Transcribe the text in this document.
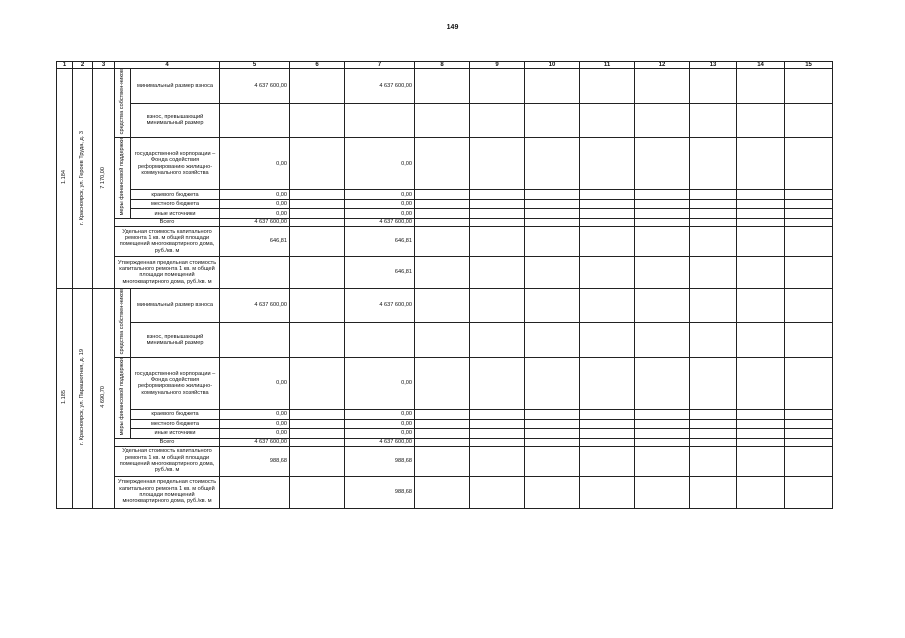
149
1	2	3	4		5	6	7	8	9	10	11	12	13	14	15
1.184	г. Красноярск, ул. Героев Труда, д. 3	7 170,00	средства собствен-ников	минимальный размер взноса	4 637 600,00		4 637 600,00								
				взнос, превышающий минимальный размер											
			меры финансовой поддержки	государственной корпорации – Фонда содействия реформированию жилищно-коммунального хозяйства	0,00		0,00								
				краевого бюджета	0,00		0,00								
				местного бюджета	0,00		0,00								
				иные источники	0,00		0,00								
			Всего		4 637 600,00		4 637 600,00								
			Удельная стоимость капитального ремонта 1 кв. м общей площади помещений многоквартирного дома, руб./кв. м		646,81		646,81								
			Утвержденная предельная стоимость капитального ремонта 1 кв. м общей площади помещений многоквартирного дома, руб./кв. м				646,81								
1.185	г. Красноярск, ул. Парашютная, д. 19	4 690,70	средства собствен-ников	минимальный размер взноса	4 637 600,00		4 637 600,00								
				взнос, превышающий минимальный размер											
			меры финансовой поддержки	государственной корпорации – Фонда содействия реформированию жилищно-коммунального хозяйства	0,00		0,00								
				краевого бюджета	0,00		0,00								
				местного бюджета	0,00		0,00								
				иные источники	0,00		0,00								
			Всего		4 637 600,00		4 637 600,00								
			Удельная стоимость капитального ремонта 1 кв. м общей площади помещений многоквартирного дома, руб./кв. м		988,68		988,68								
			Утвержденная предельная стоимость капитального ремонта 1 кв. м общей площади помещений многоквартирного дома, руб./кв. м				988,68								
